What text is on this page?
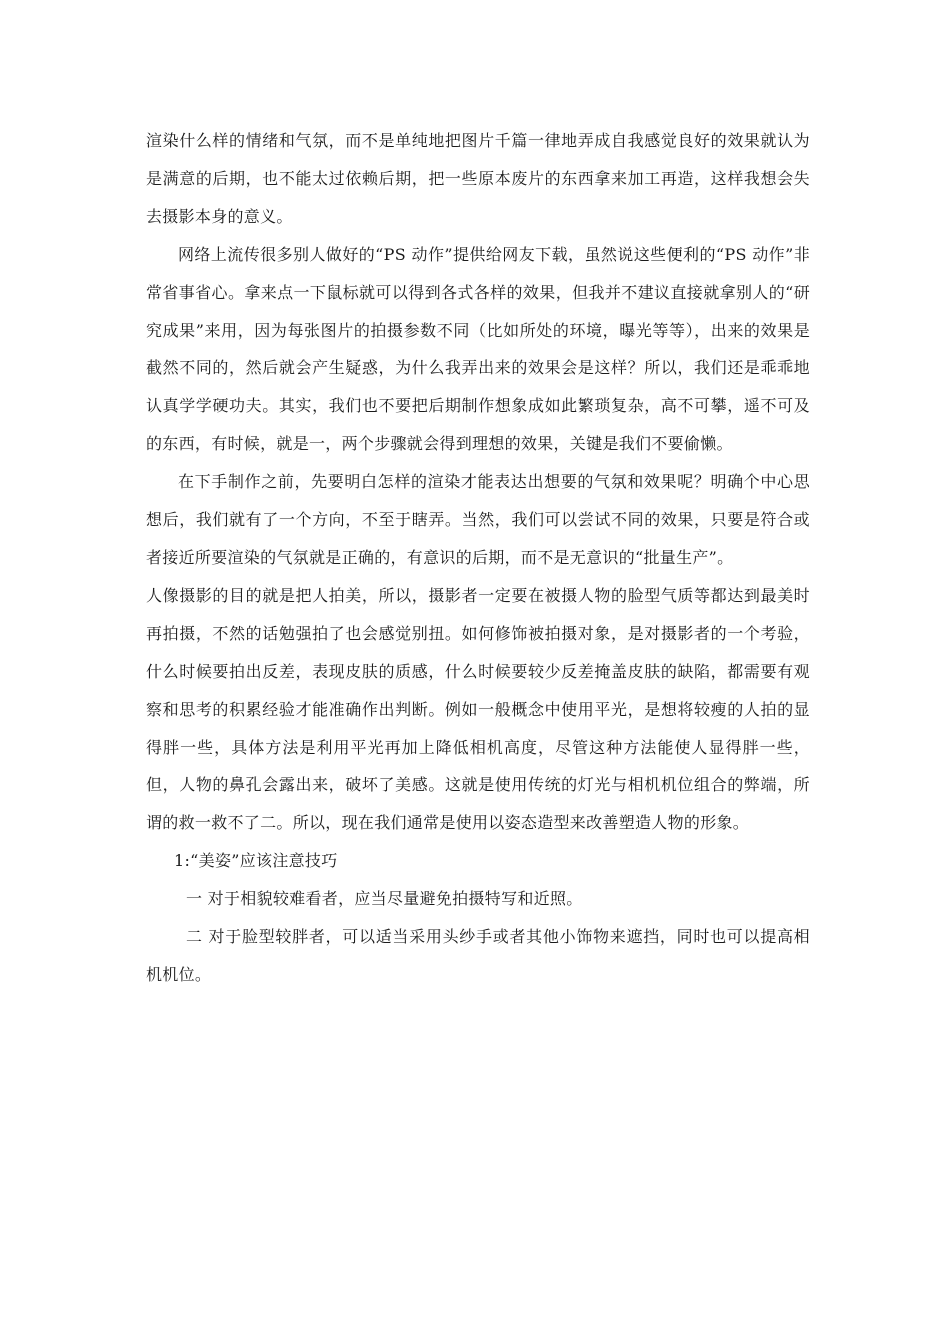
渲染什么样的情绪和气氛，而不是单纯地把图片千篇一律地弄成自我感觉良好的效果就认为是满意的后期，也不能太过依赖后期，把一些原本废片的东西拿来加工再造，这样我想会失去摄影本身的意义。

网络上流传很多别人做好的“PS 动作”提供给网友下载，虽然说这些便利的“PS 动作”非常省事省心。拿来点一下鼠标就可以得到各式各样的效果，但我并不建议直接就拿别人的“研究成果”来用，因为每张图片的拍摄参数不同（比如所处的环境，曝光等等），出来的效果是截然不同的，然后就会产生疑惑，为什么我弄出来的效果会是这样？所以，我们还是乖乖地认真学学硬功夫。其实，我们也不要把后期制作想象成如此繁琐复杂，高不可攀，遥不可及的东西，有时候，就是一，两个步骤就会得到理想的效果，关键是我们不要偷懒。

在下手制作之前，先要明白怎样的渲染才能表达出想要的气氛和效果呢？明确个中心思想后，我们就有了一个方向，不至于瞎弄。当然，我们可以尝试不同的效果，只要是符合或者接近所要渲染的气氛就是正确的，有意识的后期，而不是无意识的“批量生产”。

人像摄影的目的就是把人拍美，所以，摄影者一定要在被摄人物的脸型气质等都达到最美时再拍摄，不然的话勉强拍了也会感觉别扭。如何修饰被拍摄对象，是对摄影者的一个考验，什么时候要拍出反差，表现皮肤的质感，什么时候要较少反差掩盖皮肤的缺陷，都需要有观察和思考的积累经验才能准确作出判断。例如一般概念中使用平光，是想将较瘦的人拍的显得胖一些，具体方法是利用平光再加上降低相机高度，尽管这种方法能使人显得胖一些，但，人物的鼻孔会露出来，破坏了美感。这就是使用传统的灯光与相机机位组合的弊端，所谓的救一救不了二。所以，现在我们通常是使用以姿态造型来改善塑造人物的形象。

1:“美姿”应该注意技巧

一 对于相貌较难看者，应当尽量避免拍摄特写和近照。

二 对于脸型较胖者，可以适当采用头纱手或者其他小饰物来遮挡，同时也可以提高相机机位。
